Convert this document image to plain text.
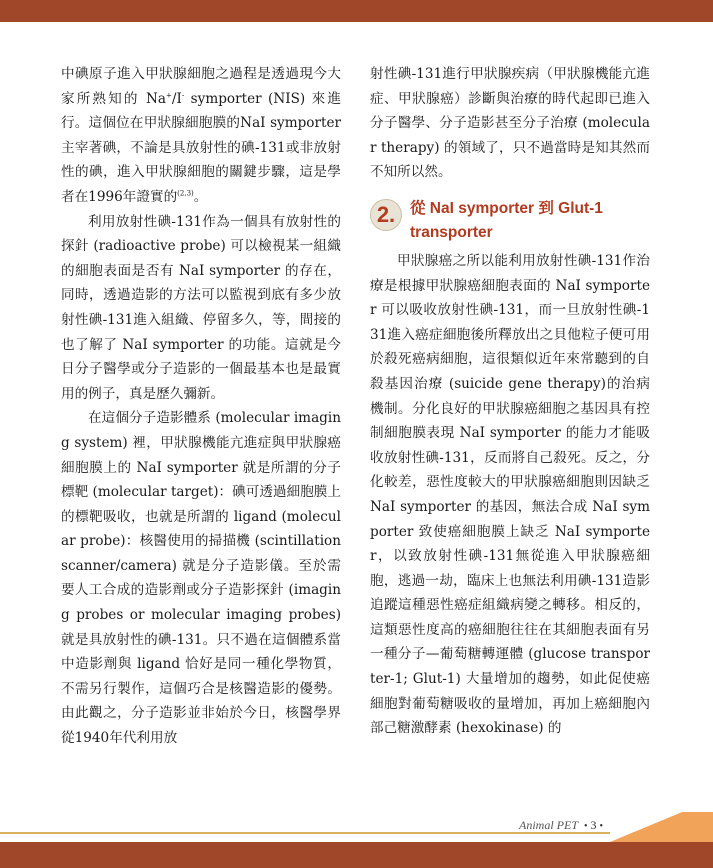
中碘原子進入甲狀腺細胞之過程是透過現今大家所熟知的 Na+/I- symporter (NIS) 來進行。這個位在甲狀腺細胞膜的NaI symporter主宰著碘，不論是具放射性的碘-131或非放射性的碘，進入甲狀腺細胞的關鍵步驟，這是學者在1996年證實的$^{(2,3)}$。

利用放射性碘-131作為一個具有放射性的探針 (radioactive probe) 可以檢視某一組織的細胞表面是否有 NaI symporter 的存在，同時，透過造影的方法可以監視到底有多少放射性碘-131進入組織、停留多久，等，間接的也了解了 NaI symporter 的功能。這就是今日分子醫學或分子造影的一個最基本也是最實用的例子，真是歷久彌新。

在這個分子造影體系 (molecular imaging system) 裡，甲狀腺機能亢進症與甲狀腺癌細胞膜上的 NaI symporter 就是所謂的分子標靶 (molecular target)：碘可透過細胞膜上的標靶吸收，也就是所謂的 ligand (molecular probe)：核醫使用的掃描機 (scintillation scanner/camera) 就是分子造影儀。至於需要人工合成的造影劑或分子造影探針 (imaging probes or molecular imaging probes) 就是具放射性的碘-131。只不過在這個體系當中造影劑與 ligand 恰好是同一種化學物質，不需另行製作，這個巧合是核醫造影的優勢。由此觀之，分子造影並非始於今日，核醫學界從1940年代利用放

射性碘-131進行甲狀腺疾病（甲狀腺機能亢進症、甲狀腺癌）診斷與治療的時代起即已進入分子醫學、分子造影甚至分子治療 (molecular therapy) 的領域了，只不過當時是知其然而不知所以然。

2. 從 NaI symporter 到 Glut-1
transporter

甲狀腺癌之所以能利用放射性碘-131作治療是根據甲狀腺癌細胞表面的 NaI symporter 可以吸收放射性碘-131，而一旦放射性碘-131進入癌症細胞後所釋放出之貝他粒子便可用於殺死癌病細胞，這很類似近年來常聽到的自殺基因治療 (suicide gene therapy)的治病機制。分化良好的甲狀腺癌細胞之基因具有控制細胞膜表現 NaI symporter 的能力才能吸收放射性碘-131，反而將自己殺死。反之，分化較差，惡性度較大的甲狀腺癌細胞則因缺乏 NaI symporter 的基因，無法合成 NaI symporter 致使癌細胞膜上缺乏 NaI symporter，以致放射性碘-131無從進入甲狀腺癌細胞，逃過一劫，臨床上也無法利用碘-131造影追蹤這種惡性癌症組織病變之轉移。相反的，這類惡性度高的癌細胞往往在其細胞表面有另一種分子—葡萄糖轉運體 (glucose transporter-1; Glut-1) 大量增加的趨勢，如此促使癌細胞對葡萄糖吸收的量增加，再加上癌細胞內部己糖激酵素 (hexokinase) 的

Animal PET • 3 •
